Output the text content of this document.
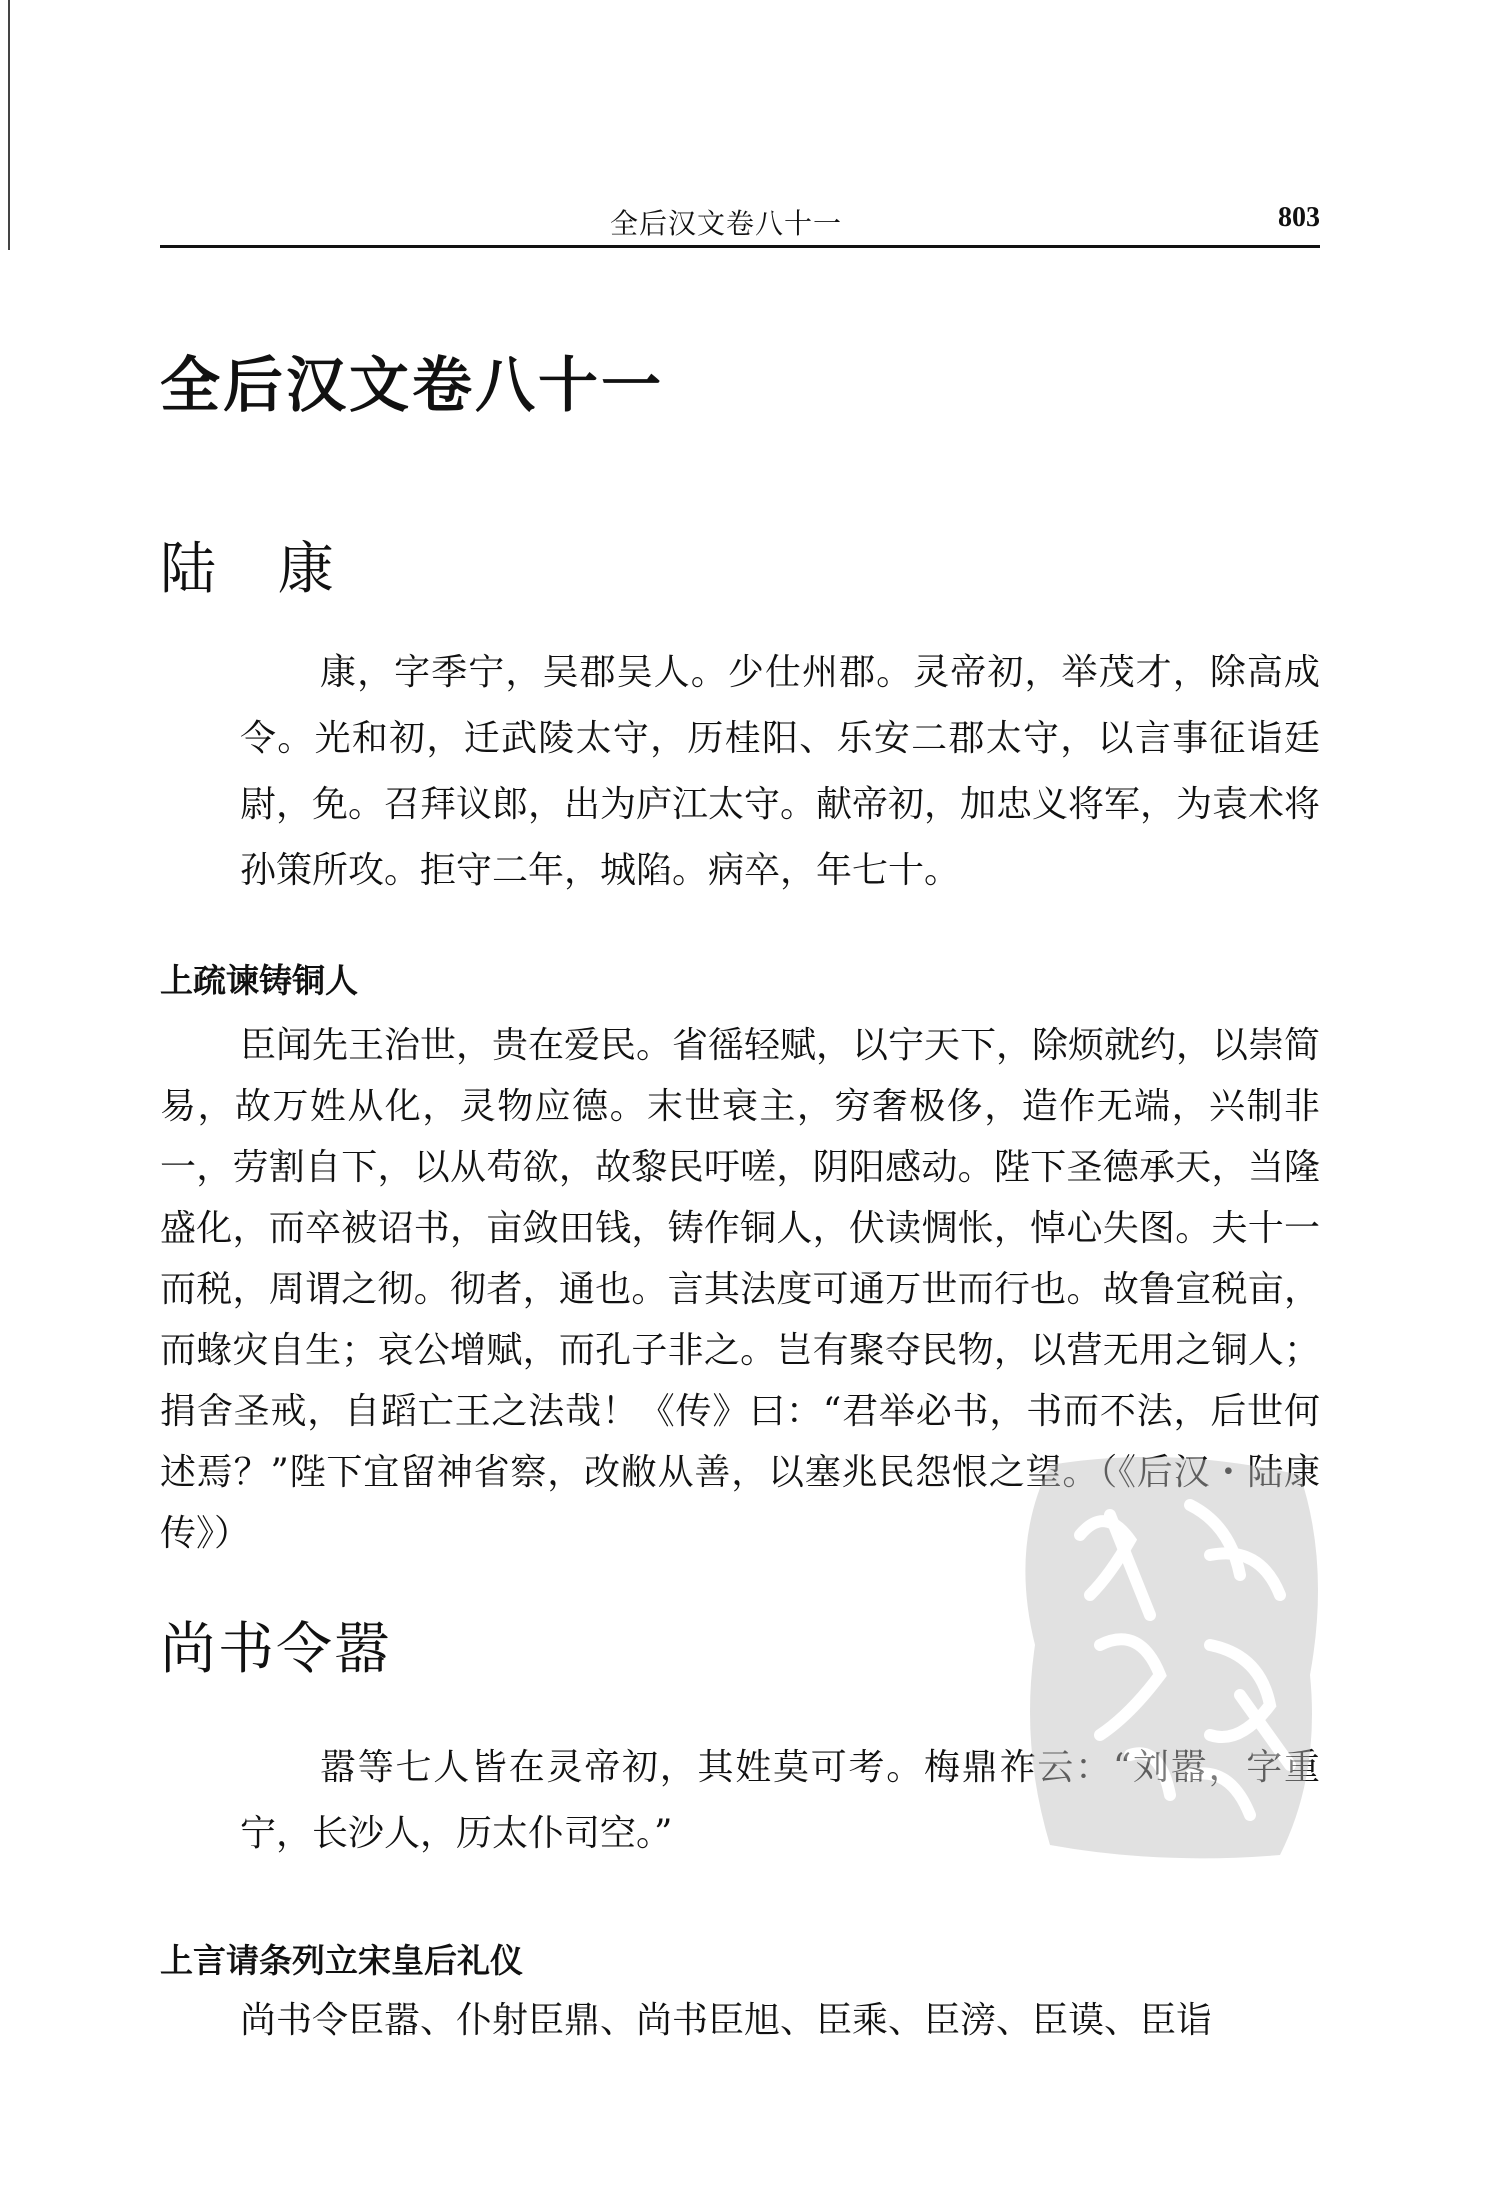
全后汉文卷八十一	803
全后汉文卷八十一
陆 康
康，字季宁，吴郡吴人。少仕州郡。灵帝初，举茂才，除高成令。光和初，迁武陵太守，历桂阳、乐安二郡太守，以言事征诣廷尉，免。召拜议郎，出为庐江太守。献帝初，加忠义将军，为袁术将孙策所攻。拒守二年，城陷。病卒，年七十。
上疏谏铸铜人
臣闻先王治世，贵在爱民。省徭轻赋，以宁天下，除烦就约，以崇简易，故万姓从化，灵物应德。末世衰主，穷奢极侈，造作无端，兴制非一，劳割自下，以从苟欲，故黎民吁嗟，阴阳感动。陛下圣德承天，当隆盛化，而卒被诏书，亩敛田钱，铸作铜人，伏读惆怅，悼心失图。夫十一而税，周谓之彻。彻者，通也。言其法度可通万世而行也。故鲁宣税亩，而蝝灾自生；哀公增赋，而孔子非之。岂有聚夺民物，以营无用之铜人；捐舍圣戒，自蹈亡王之法哉！《传》曰：“君举必书，书而不法，后世何述焉？”陛下宜留神省察，改敝从善，以塞兆民怨恨之望。（《后汉・陆康传》）
尚书令嚣
嚣等七人皆在灵帝初，其姓莫可考。梅鼎祚云：“刘嚣，字重宁，长沙人，历太仆司空。”
上言请条列立宋皇后礼仪
尚书令臣嚣、仆射臣鼎、尚书臣旭、臣乘、臣滂、臣谟、臣诣
